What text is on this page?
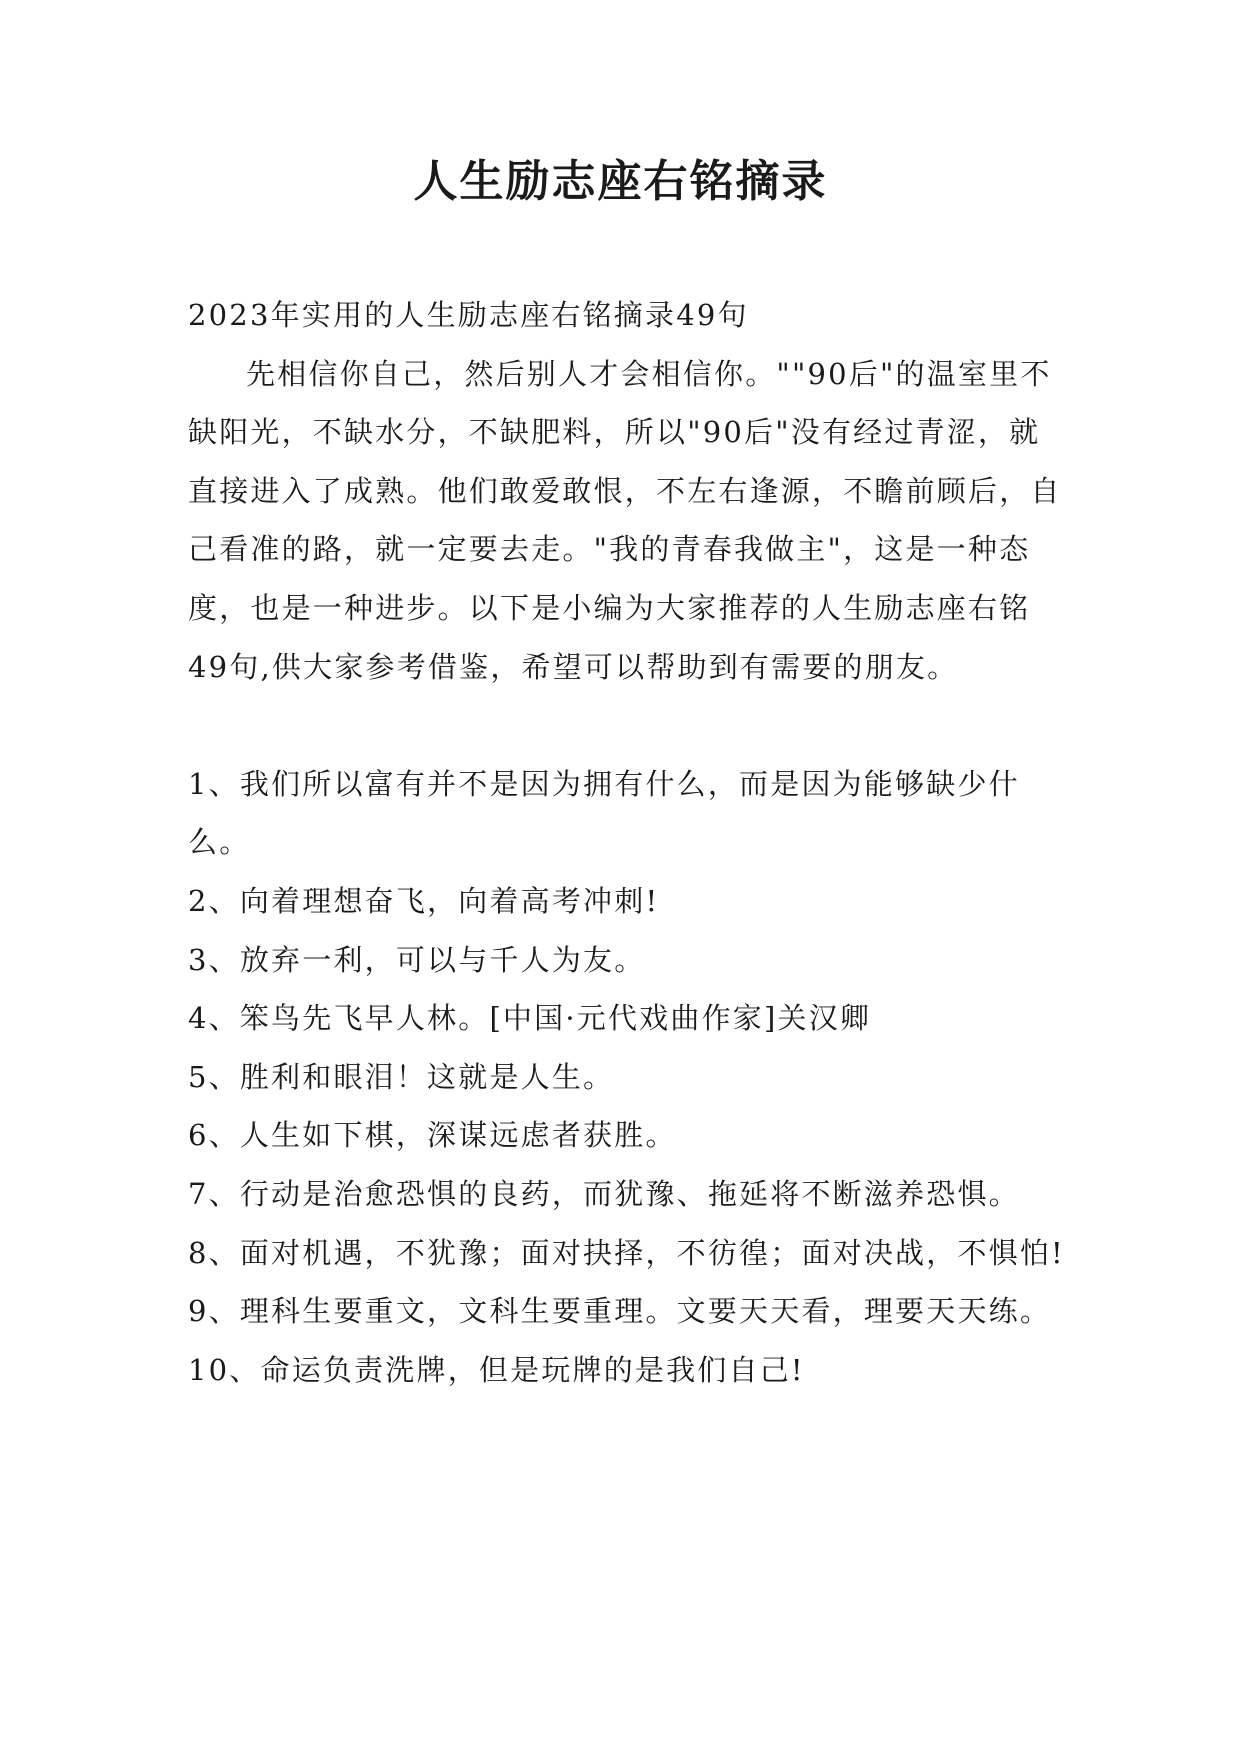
人生励志座右铭摘录

2023年实用的人生励志座右铭摘录49句

先相信你自己，然后别人才会相信你。""90后"的温室里不缺阳光，不缺水分，不缺肥料，所以"90后"没有经过青涩，就直接进入了成熟。他们敢爱敢恨，不左右逢源，不瞻前顾后，自己看准的路，就一定要去走。"我的青春我做主"，这是一种态度，也是一种进步。以下是小编为大家推荐的人生励志座右铭49句,供大家参考借鉴，希望可以帮助到有需要的朋友。

1、我们所以富有并不是因为拥有什么，而是因为能够缺少什么。

2、向着理想奋飞，向着高考冲刺!

3、放弃一利，可以与千人为友。

4、笨鸟先飞早人林。[中国·元代戏曲作家]关汉卿

5、胜利和眼泪！这就是人生。

6、人生如下棋，深谋远虑者获胜。

7、行动是治愈恐惧的良药，而犹豫、拖延将不断滋养恐惧。

8、面对机遇，不犹豫；面对抉择，不彷徨；面对决战，不惧怕!

9、理科生要重文，文科生要重理。文要天天看，理要天天练。

10、命运负责洗牌，但是玩牌的是我们自己!
